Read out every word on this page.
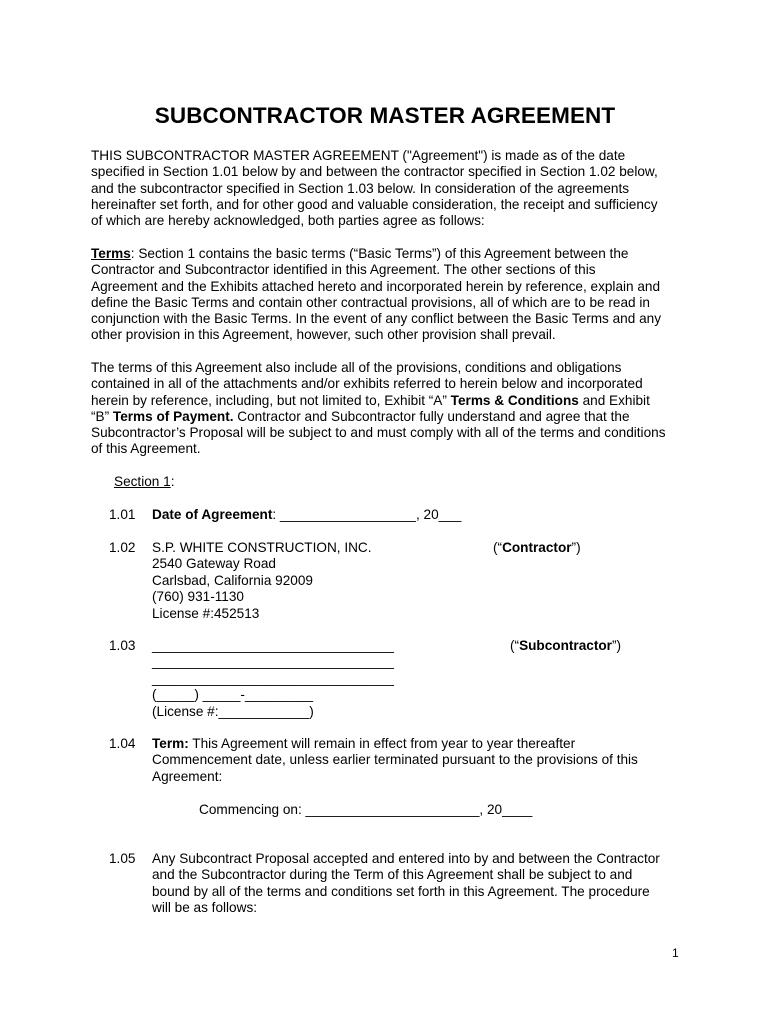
SUBCONTRACTOR MASTER AGREEMENT
THIS SUBCONTRACTOR MASTER AGREEMENT ("Agreement") is made as of the date
specified in Section 1.01 below by and between the contractor specified in Section 1.02 below,
and the subcontractor specified in Section 1.03 below. In consideration of the agreements
hereinafter set forth, and for other good and valuable consideration, the receipt and sufficiency
of which are hereby acknowledged, both parties agree as follows:
Terms: Section 1 contains the basic terms (“Basic Terms”) of this Agreement between the
Contractor and Subcontractor identified in this Agreement. The other sections of this
Agreement and the Exhibits attached hereto and incorporated herein by reference, explain and
define the Basic Terms and contain other contractual provisions, all of which are to be read in
conjunction with the Basic Terms. In the event of any conflict between the Basic Terms and any
other provision in this Agreement, however, such other provision shall prevail.
The terms of this Agreement also include all of the provisions, conditions and obligations
contained in all of the attachments and/or exhibits referred to herein below and incorporated
herein by reference, including, but not limited to, Exhibit “A” Terms & Conditions and Exhibit
“B” Terms of Payment. Contractor and Subcontractor fully understand and agree that the
Subcontractor’s Proposal will be subject to and must comply with all of the terms and conditions
of this Agreement.
Section 1:
1.01 Date of Agreement: __________________, 20___
1.02 S.P. WHITE CONSTRUCTION, INC.
2540 Gateway Road
Carlsbad, California 92009
(760) 931-1130
License #:452513
(“Contractor”)
1.03 ________________________________
________________________________
________________________________
(_____) _____-_________
(License #:____________)
(“Subcontractor”)
1.04 Term: This Agreement will remain in effect from year to year thereafter
Commencement date, unless earlier terminated pursuant to the provisions of this
Agreement:
Commencing on: _______________________, 20____
1.05 Any Subcontract Proposal accepted and entered into by and between the Contractor
and the Subcontractor during the Term of this Agreement shall be subject to and
bound by all of the terms and conditions set forth in this Agreement. The procedure
will be as follows:
1
